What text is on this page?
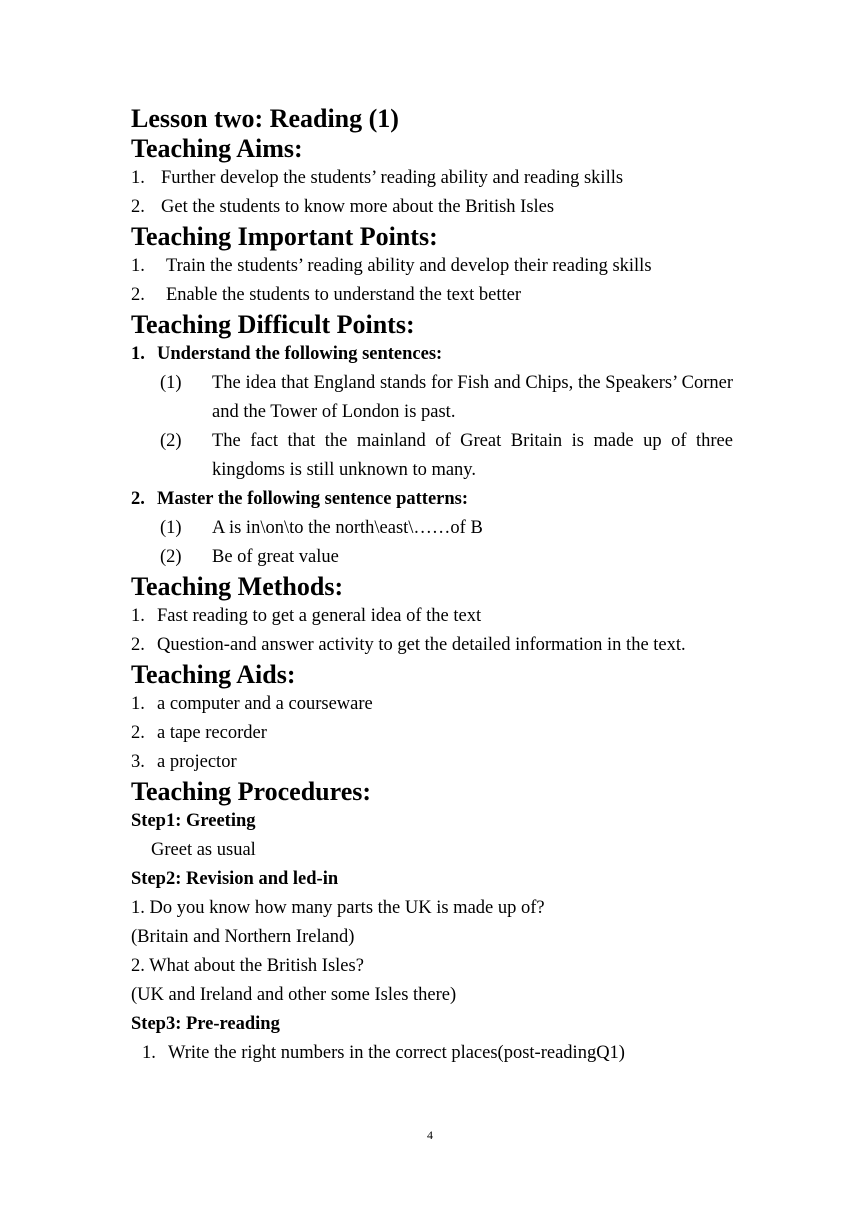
Lesson two: Reading (1)
Teaching Aims:
1. Further develop the students’ reading ability and reading skills
2. Get the students to know more about the British Isles
Teaching Important Points:
1. Train the students’ reading ability and develop their reading skills
2. Enable the students to understand the text better
Teaching Difficult Points:
1. Understand the following sentences:
(1) The idea that England stands for Fish and Chips, the Speakers’ Corner and the Tower of London is past.
(2) The fact that the mainland of Great Britain is made up of three kingdoms is still unknown to many.
2. Master the following sentence patterns:
(1) A is in\on\to the north\east\……of B
(2) Be of great value
Teaching Methods:
1. Fast reading to get a general idea of the text
2. Question-and answer activity to get the detailed information in the text.
Teaching Aids:
1. a computer and a courseware
2. a tape recorder
3. a projector
Teaching Procedures:
Step1: Greeting
Greet as usual
Step2: Revision and led-in
1. Do you know how many parts the UK is made up of?
(Britain and Northern Ireland)
2. What about the British Isles?
(UK and Ireland and other some Isles there)
Step3: Pre-reading
1. Write the right numbers in the correct places(post-readingQ1)
4
